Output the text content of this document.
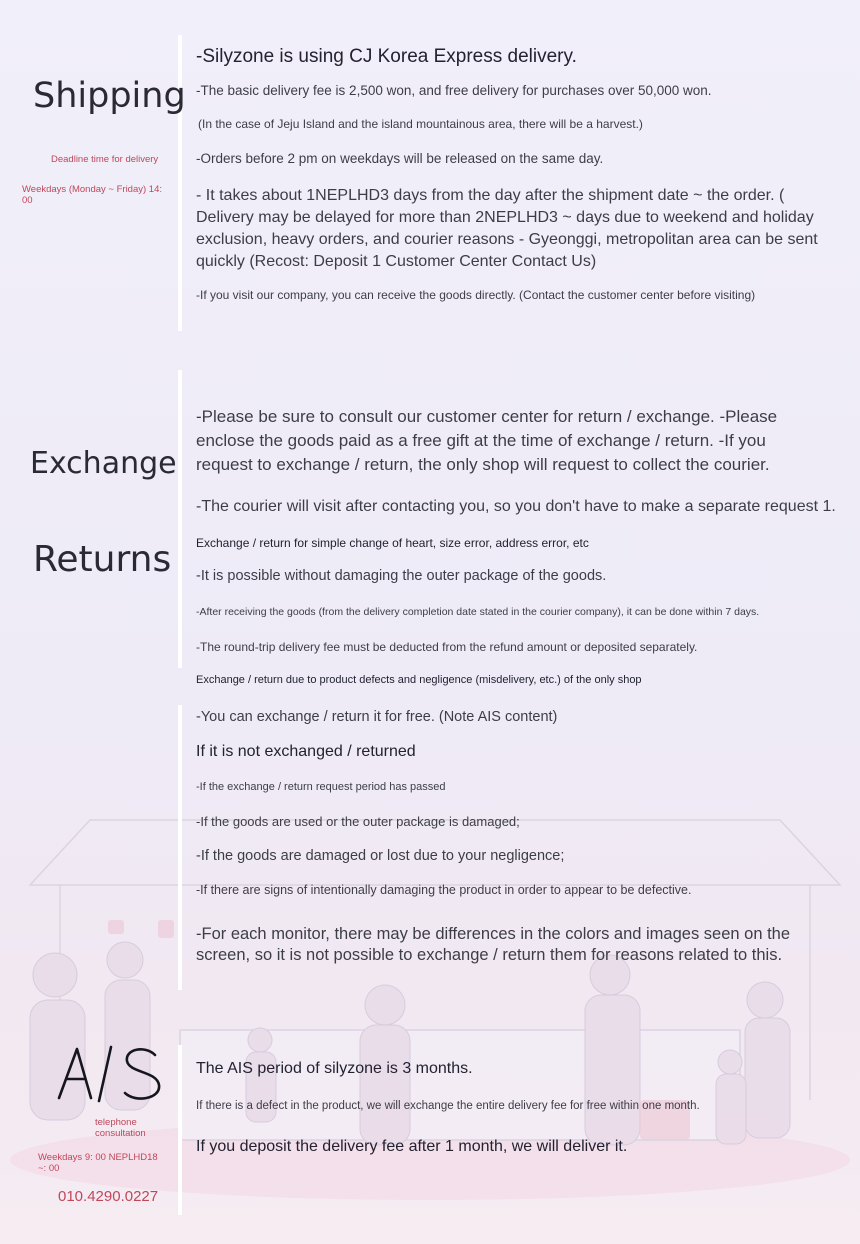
Shipping
Deadline time for delivery
Weekdays (Monday ~ Friday) 14: 00
-Silyzone is using CJ Korea Express delivery.
-The basic delivery fee is 2,500 won, and free delivery for purchases over 50,000 won.
(In the case of Jeju Island and the island mountainous area, there will be a harvest.)
-Orders before 2 pm on weekdays will be released on the same day.
- It takes about 1NEPLHD3 days from the day after the shipment date ~ the order. ( Delivery may be delayed for more than 2NEPLHD3 ~ days due to weekend and holiday exclusion, heavy orders, and courier reasons - Gyeonggi, metropolitan area can be sent quickly (Recost: Deposit 1 Customer Center Contact Us)
-If you visit our company, you can receive the goods directly. (Contact the customer center before visiting)
Exchange
Returns
-Please be sure to consult our customer center for return / exchange. -Please enclose the goods paid as a free gift at the time of exchange / return. -If you request to exchange / return, the only shop will request to collect the courier.
-The courier will visit after contacting you, so you don't have to make a separate request 1.
Exchange / return for simple change of heart, size error, address error, etc
-It is possible without damaging the outer package of the goods.
-After receiving the goods (from the delivery completion date stated in the courier company), it can be done within 7 days.
-The round-trip delivery fee must be deducted from the refund amount or deposited separately.
Exchange / return due to product defects and negligence (misdelivery, etc.) of the only shop
-You can exchange / return it for free. (Note AIS content)
If it is not exchanged / returned
-If the exchange / return request period has passed
-If the goods are used or the outer package is damaged;
-If the goods are damaged or lost due to your negligence;
-If there are signs of intentionally damaging the product in order to appear to be defective.
-For each monitor, there may be differences in the colors and images seen on the screen, so it is not possible to exchange / return them for reasons related to this.
telephone consultation
Weekdays 9: 00 NEPLHD18 ~: 00
010.4290.0227
The AIS period of silyzone is 3 months.
If there is a defect in the product, we will exchange the entire delivery fee for free within one month.
If you deposit the delivery fee after 1 month, we will deliver it.
